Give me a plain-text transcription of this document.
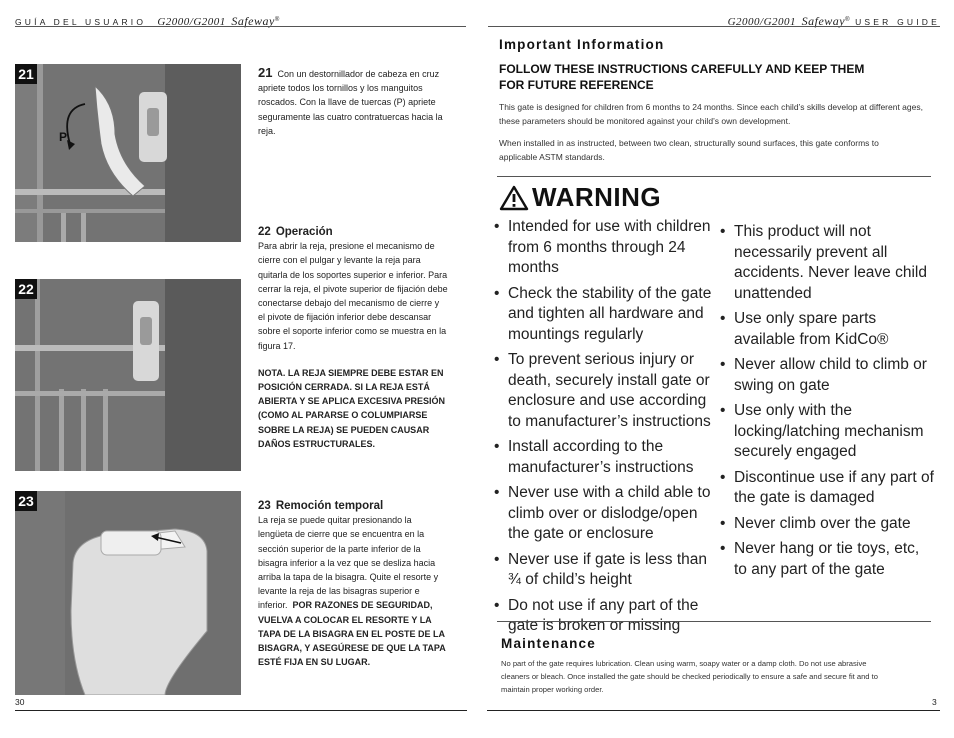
GUÍA DEL USUARIO G2000/G2001 Safeway®	G2000/G2001 Safeway® USER GUIDE
21
P
22
23
21 Con un destornillador de cabeza en cruz apriete todos los tornillos y los manguitos roscados. Con la llave de tuercas (P) apriete seguramente las cuatro contratuercas hacia la reja.
22 Operación
Para abrir la reja, presione el mecanismo de cierre con el pulgar y levante la reja para quitarla de los soportes superior e inferior. Para cerrar la reja, el pivote superior de fijación debe conectarse debajo del mecanismo de cierre y el pivote de fijación inferior debe descansar sobre el soporte inferior como se muestra en la figura 17.
NOTA. LA REJA SIEMPRE DEBE ESTAR EN POSICIÓN CERRADA. SI LA REJA ESTÁ ABIERTA Y SE APLICA EXCESIVA PRESIÓN (COMO AL PARARSE O COLUMPIARSE SOBRE LA REJA) SE PUEDEN CAUSAR DAÑOS ESTRUCTURALES.
23 Remoción temporal
La reja se puede quitar presionando la lengüeta de cierre que se encuentra en la sección superior de la parte inferior de la bisagra inferior a la vez que se desliza hacia arriba la tapa de la bisagra. Quite el resorte y levante la reja de las bisagras superior e inferior. POR RAZONES DE SEGURIDAD, VUELVA A COLOCAR EL RESORTE Y LA TAPA DE LA BISAGRA EN EL POSTE DE LA BISAGRA, Y ASEGÚRESE DE QUE LA TAPA ESTÉ FIJA EN SU LUGAR.
Important Information
FOLLOW THESE INSTRUCTIONS CAREFULLY AND KEEP THEM FOR FUTURE REFERENCE
This gate is designed for children from 6 months to 24 months. Since each child’s skills develop at different ages, these parameters should be monitored against your child’s own development.
When installed in as instructed, between two clean, structurally sound surfaces, this gate conforms to applicable ASTM standards.
WARNING
• Intended for use with children from 6 months through 24 months
• Check the stability of the gate and tighten all hardware and mountings regularly
• To prevent serious injury or death, securely install gate or enclosure and use according to manufacturer’s instructions
• Install according to the manufacturer’s instructions
• Never use with a child able to climb over or dislodge/open the gate or enclosure
• Never use if gate is less than ¾ of child’s height
• Do not use if any part of the gate is broken or missing
• This product will not necessarily prevent all accidents. Never leave child unattended
• Use only spare parts available from KidCo®
• Never allow child to climb or swing on gate
• Use only with the locking/latching mechanism securely engaged
• Discontinue use if any part of the gate is damaged
• Never climb over the gate
• Never hang or tie toys, etc, to any part of the gate
Maintenance
No part of the gate requires lubrication. Clean using warm, soapy water or a damp cloth. Do not use abrasive cleaners or bleach. Once installed the gate should be checked periodically to ensure a safe and secure fit and to maintain proper working order.
30	3
